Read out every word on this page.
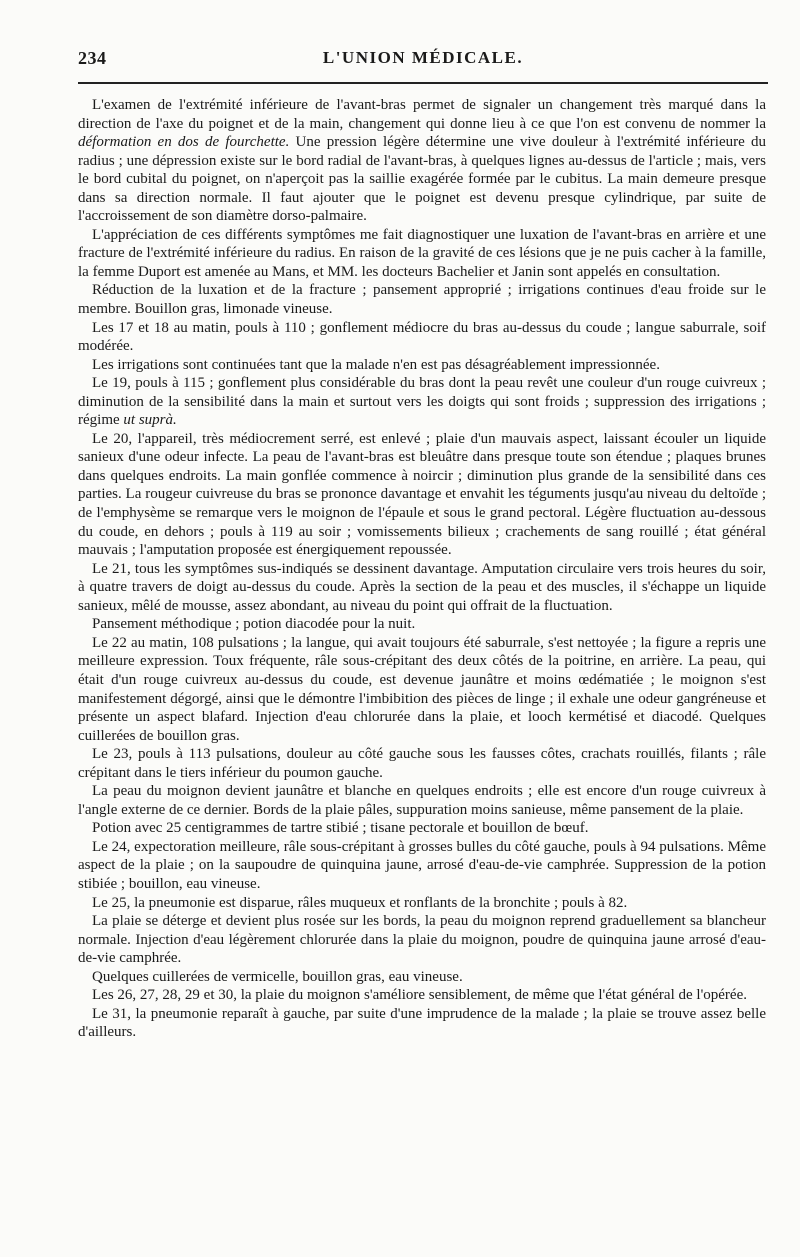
234	L'UNION MÉDICALE.

L'examen de l'extrémité inférieure de l'avant-bras permet de signaler un changement très marqué dans la direction de l'axe du poignet et de la main, changement qui donne lieu à ce que l'on est convenu de nommer la déformation en dos de fourchette. Une pression légère détermine une vive douleur à l'extrémité inférieure du radius ; une dépression existe sur le bord radial de l'avant-bras, à quelques lignes au-dessus de l'article ; mais, vers le bord cubital du poignet, on n'aperçoit pas la saillie exagérée formée par le cubitus. La main demeure presque dans sa direction normale. Il faut ajouter que le poignet est devenu presque cylindrique, par suite de l'accroissement de son diamètre dorso-palmaire.

L'appréciation de ces différents symptômes me fait diagnostiquer une luxation de l'avant-bras en arrière et une fracture de l'extrémité inférieure du radius. En raison de la gravité de ces lésions que je ne puis cacher à la famille, la femme Duport est amenée au Mans, et MM. les docteurs Bachelier et Janin sont appelés en consultation.

Réduction de la luxation et de la fracture ; pansement approprié ; irrigations continues d'eau froide sur le membre. Bouillon gras, limonade vineuse.

Les 17 et 18 au matin, pouls à 110 ; gonflement médiocre du bras au-dessus du coude ; langue saburrale, soif modérée.

Les irrigations sont continuées tant que la malade n'en est pas désagréablement impressionnée.

Le 19, pouls à 115 ; gonflement plus considérable du bras dont la peau revêt une couleur d'un rouge cuivreux ; diminution de la sensibilité dans la main et surtout vers les doigts qui sont froids ; suppression des irrigations ; régime ut suprà.

Le 20, l'appareil, très médiocrement serré, est enlevé ; plaie d'un mauvais aspect, laissant écouler un liquide sanieux d'une odeur infecte. La peau de l'avant-bras est bleuâtre dans presque toute son étendue ; plaques brunes dans quelques endroits. La main gonflée commence à noircir ; diminution plus grande de la sensibilité dans ces parties. La rougeur cuivreuse du bras se prononce davantage et envahit les téguments jusqu'au niveau du deltoïde ; de l'emphysème se remarque vers le moignon de l'épaule et sous le grand pectoral. Légère fluctuation au-dessous du coude, en dehors ; pouls à 119 au soir ; vomissements bilieux ; crachements de sang rouillé ; état général mauvais ; l'amputation proposée est énergiquement repoussée.

Le 21, tous les symptômes sus-indiqués se dessinent davantage. Amputation circulaire vers trois heures du soir, à quatre travers de doigt au-dessus du coude. Après la section de la peau et des muscles, il s'échappe un liquide sanieux, mêlé de mousse, assez abondant, au niveau du point qui offrait de la fluctuation.

Pansement méthodique ; potion diacodée pour la nuit.

Le 22 au matin, 108 pulsations ; la langue, qui avait toujours été saburrale, s'est nettoyée ; la figure a repris une meilleure expression. Toux fréquente, râle sous-crépitant des deux côtés de la poitrine, en arrière. La peau, qui était d'un rouge cuivreux au-dessus du coude, est devenue jaunâtre et moins œdématiée ; le moignon s'est manifestement dégorgé, ainsi que le démontre l'imbibition des pièces de linge ; il exhale une odeur gangréneuse et présente un aspect blafard. Injection d'eau chlorurée dans la plaie, et looch kermétisé et diacodé. Quelques cuillerées de bouillon gras.

Le 23, pouls à 113 pulsations, douleur au côté gauche sous les fausses côtes, crachats rouillés, filants ; râle crépitant dans le tiers inférieur du poumon gauche.

La peau du moignon devient jaunâtre et blanche en quelques endroits ; elle est encore d'un rouge cuivreux à l'angle externe de ce dernier. Bords de la plaie pâles, suppuration moins sanieuse, même pansement de la plaie.

Potion avec 25 centigrammes de tartre stibié ; tisane pectorale et bouillon de bœuf.

Le 24, expectoration meilleure, râle sous-crépitant à grosses bulles du côté gauche, pouls à 94 pulsations. Même aspect de la plaie ; on la saupoudre de quinquina jaune, arrosé d'eau-de-vie camphrée. Suppression de la potion stibiée ; bouillon, eau vineuse.

Le 25, la pneumonie est disparue, râles muqueux et ronflants de la bronchite ; pouls à 82.

La plaie se déterge et devient plus rosée sur les bords, la peau du moignon reprend graduellement sa blancheur normale. Injection d'eau légèrement chlorurée dans la plaie du moignon, poudre de quinquina jaune arrosé d'eau-de-vie camphrée.

Quelques cuillerées de vermicelle, bouillon gras, eau vineuse.

Les 26, 27, 28, 29 et 30, la plaie du moignon s'améliore sensiblement, de même que l'état général de l'opérée.

Le 31, la pneumonie reparaît à gauche, par suite d'une imprudence de la malade ; la plaie se trouve assez belle d'ailleurs.
